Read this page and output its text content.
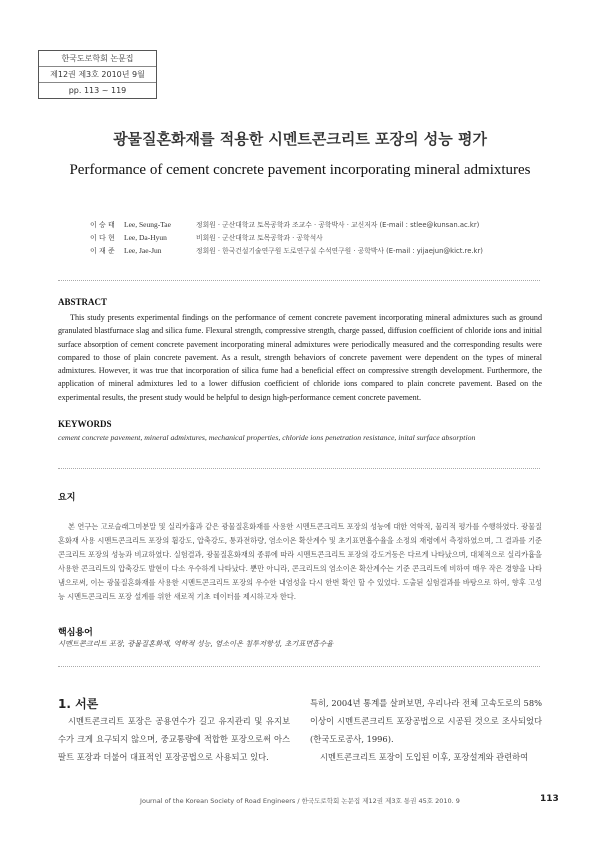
한국도로학회 논문집
제12권 제3호 2010년 9월
pp. 113 ~ 119
광물질혼화재를 적용한 시멘트콘크리트 포장의 성능 평가
Performance of cement concrete pavement incorporating mineral admixtures
이 승 태 Lee, Seung-Tae	정회원 · 군산대학교 토목공학과 조교수 · 공학박사 · 교신저자 (E-mail : stlee@kunsan.ac.kr)
이 다 현 Lee, Da-Hyun	비회원 · 군산대학교 토목공학과 · 공학석사
이 재 준 Lee, Jae-Jun	정회원 · 한국건설기술연구원 도로연구실 수석연구원 · 공학박사 (E-mail : yijaejun@kict.re.kr)
ABSTRACT
This study presents experimental findings on the performance of cement concrete pavement incorporating mineral admixtures such as ground granulated blastfurnace slag and silica fume. Flexural strength, compressive strength, charge passed, diffusion coefficient of chloride ions and initial surface absorption of cement concrete pavement incorporating mineral admixtures were periodically measured and the corresponding results were compared to those of plain concrete pavement. As a result, strength behaviors of concrete pavement were dependent on the types of mineral admixtures. However, it was true that incorporation of silica fume had a beneficial effect on compressive strength development. Furthermore, the application of mineral admixtures led to a lower diffusion coefficient of chloride ions compared to plain concrete pavement. Based on the experimental results, the present study would be helpful to design high-performance cement concrete pavement.
KEYWORDS
cement concrete pavement, mineral admixtures, mechanical properties, chloride ions penetration resistance, inital surface absorption
요지
본 연구는 고로슬래그미분말 및 실리카흄과 같은 광물질혼화재를 사용한 시멘트콘크리트 포장의 성능에 대한 역학적, 물리적 평가를 수행하였다. 광물질혼화재 사용 시멘트콘크리트 포장의 휨강도, 압축강도, 통과전하량, 염소이온 확산계수 및 초기표면흡수율을 소정의 재령에서 측정하였으며, 그 결과를 기준 콘크리트 포장의 성능과 비교하였다. 실험결과, 광물질혼화재의 종류에 따라 시멘트콘크리트 포장의 강도거동은 다르게 나타났으며, 대체적으로 실리카흄을 사용한 콘크리트의 압축강도 발현이 다소 우수하게 나타났다. 뿐만 아니라, 콘크리트의 염소이온 확산계수는 기준 콘크리트에 비하여 매우 작은 경향을 나타냄으로써, 이는 광물질혼화재를 사용한 시멘트콘크리트 포장의 우수한 내염성을 다시 한번 확인 할 수 있었다. 도출된 실험결과를 바탕으로 하여, 향후 고성능 시멘트콘크리트 포장 설계를 위한 새로적 기초 데이터를 제시하고자 한다.
핵심용어
시멘트콘크리트 포장, 광물질혼화재, 역학적 성능, 염소이온 침투저항성, 초기표면흡수율
1. 서론
시멘트콘크리트 포장은 공용연수가 길고 유지관리 및 유지보수가 크게 요구되지 않으며, 중교통량에 적합한 포장으로써 아스팔트 포장과 더불어 대표적인 포장공법으로 사용되고 있다.
특히, 2004년 통계를 살펴보면, 우리나라 전체 고속도로의 58% 이상이 시멘트콘크리트 포장공법으로 시공된 것으로 조사되었다(한국도로공사, 1996).
시멘트콘크리트 포장이 도입된 이후, 포장설계와 관련하여
Journal of the Korean Society of Road Engineers / 한국도로학회 논문집 제12권 제3호 통권 45호 2010. 9	113
